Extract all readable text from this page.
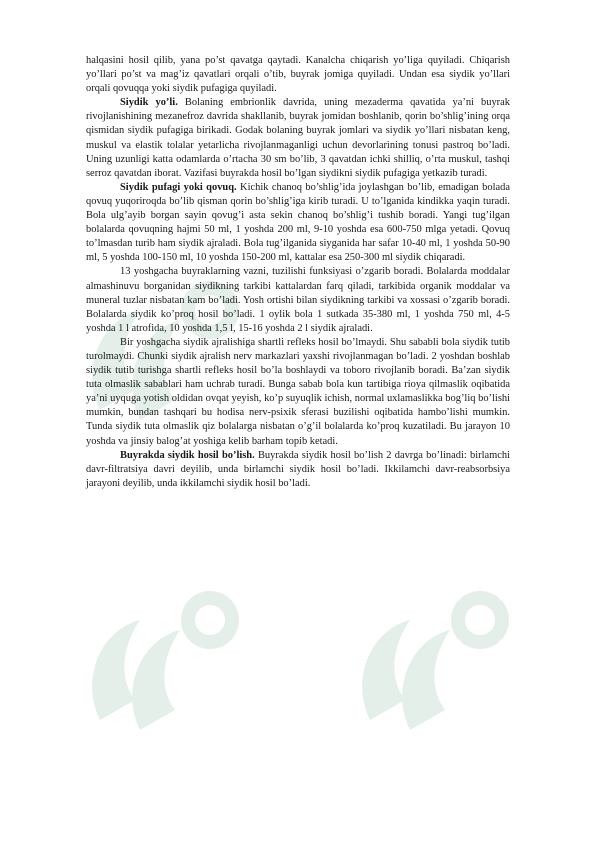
halqasini hosil qilib, yana po’st qavatga qaytadi. Kanalcha chiqarish yo’liga quyiladi. Chiqarish yo’llari po’st va mag’iz qavatlari orqali o’tib, buyrak jomiga quyiladi. Undan esa siydik yo’llari orqali qovuqqa yoki siydik pufagiga quyiladi.

Siydik yo’li. Bolaning embrionlik davrida, uning mezaderma qavatida ya’ni buyrak rivojlanishining mezanefroz davrida shakllanib, buyrak jomidan boshlanib, qorin bo’shlig’ining orqa qismidan siydik pufagiga birikadi. Godak bolaning buyrak jomlari va siydik yo’llari nisbatan keng, muskul va elastik tolalar yetarlicha rivojlanmaganligi uchun devorlarining tonusi pastroq bo’ladi. Uning uzunligi katta odamlarda o’rtacha 30 sm bo’lib, 3 qavatdan ichki shilliq, o’rta muskul, tashqi serroz qavatdan iborat. Vazifasi buyrakda hosil bo’lgan siydikni siydik pufagiga yetkazib turadi.

Siydik pufagi yoki qovuq. Kichik chanoq bo’shlig’ida joylashgan bo’lib, emadigan bolada qovuq yuqoriroqda bo’lib qisman qorin bo’shlig’iga kirib turadi. U to’lganida kindikka yaqin turadi. Bola ulg’ayib borgan sayin qovug’i asta sekin chanoq bo’shlig’i tushib boradi. Yangi tug’ilgan bolalarda qovuqning hajmi 50 ml, 1 yoshda 200 ml, 9-10 yoshda esa 600-750 mlga yetadi. Qovuq to’lmasdan turib ham siydik ajraladi. Bola tug’ilganida siyganida har safar 10-40 ml, 1 yoshda 50-90 ml, 5 yoshda 100-150 ml, 10 yoshda 150-200 ml, kattalar esa 250-300 ml siydik chiqaradi.

13 yoshgacha buyraklarning vazni, tuzilishi funksiyasi o’zgarib boradi. Bolalarda moddalar almashinuvu borganidan siydikning tarkibi kattalardan farq qiladi, tarkibida organik moddalar va muneral tuzlar nisbatan kam bo’ladi. Yosh ortishi bilan siydikning tarkibi va xossasi o’zgarib boradi. Bolalarda siydik ko’proq hosil bo’ladi. 1 oylik bola 1 sutkada 35-380 ml, 1 yoshda 750 ml, 4-5 yoshda 1 l atrofida, 10 yoshda 1,5 l, 15-16 yoshda 2 l siydik ajraladi.

Bir yoshgacha siydik ajralishiga shartli refleks hosil bo’lmaydi. Shu sababli bola siydik tutib turolmaydi. Chunki siydik ajralish nerv markazlari yaxshi rivojlanmagan bo’ladi. 2 yoshdan boshlab siydik tutib turishga shartli refleks hosil bo’la boshlaydi va toboro rivojlanib boradi. Ba’zan siydik tuta olmaslik sabablari ham uchrab turadi. Bunga sabab bola kun tartibiga rioya qilmaslik oqibatida ya’ni uyquga yotish oldidan ovqat yeyish, ko’p suyuqlik ichish, normal uxlamaslikka bog’liq bo’lishi mumkin, bundan tashqari bu hodisa nerv-psixik sferasi buzilishi oqibatida hambo’lishi mumkin. Tunda siydik tuta olmaslik qiz bolalarga nisbatan o’g’il bolalarda ko’proq kuzatiladi. Bu jarayon 10 yoshda va jinsiy balog’at yoshiga kelib barham topib ketadi.

Buyrakda siydik hosil bo’lish. Buyrakda siydik hosil bo’lish 2 davrga bo’linadi: birlamchi davr-filtratsiya davri deyilib, unda birlamchi siydik hosil bo’ladi. Ikkilamchi davr-reabsorbsiya jarayoni deyilib, unda ikkilamchi siydik hosil bo’ladi.
